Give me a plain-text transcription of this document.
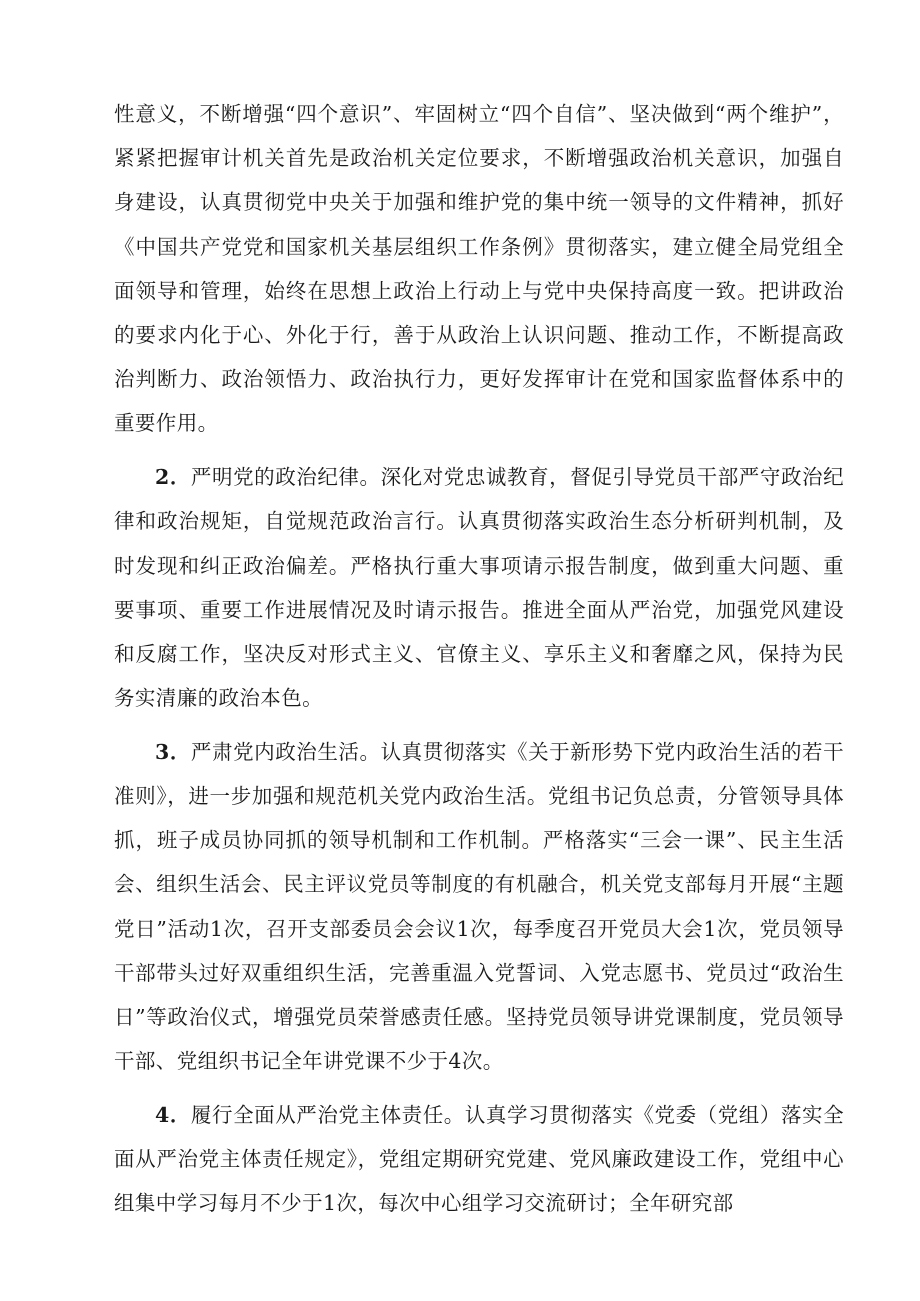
性意义，不断增强“四个意识”、牢固树立“四个自信”、坚决做到“两个维护”，紧紧把握审计机关首先是政治机关定位要求，不断增强政治机关意识，加强自身建设，认真贯彻党中央关于加强和维护党的集中统一领导的文件精神，抓好《中国共产党党和国家机关基层组织工作条例》贯彻落实，建立健全局党组全面领导和管理，始终在思想上政治上行动上与党中央保持高度一致。把讲政治的要求内化于心、外化于行，善于从政治上认识问题、推动工作，不断提高政治判断力、政治领悟力、政治执行力，更好发挥审计在党和国家监督体系中的重要作用。

2．严明党的政治纪律。深化对党忠诚教育，督促引导党员干部严守政治纪律和政治规矩，自觉规范政治言行。认真贯彻落实政治生态分析研判机制，及时发现和纠正政治偏差。严格执行重大事项请示报告制度，做到重大问题、重要事项、重要工作进展情况及时请示报告。推进全面从严治党，加强党风建设和反腐工作，坚决反对形式主义、官僚主义、享乐主义和奢靡之风，保持为民务实清廉的政治本色。

3．严肃党内政治生活。认真贯彻落实《关于新形势下党内政治生活的若干准则》，进一步加强和规范机关党内政治生活。党组书记负总责，分管领导具体抓，班子成员协同抓的领导机制和工作机制。严格落实“三会一课”、民主生活会、组织生活会、民主评议党员等制度的有机融合，机关党支部每月开展“主题党日”活动1次，召开支部委员会会议1次，每季度召开党员大会1次，党员领导干部带头过好双重组织生活，完善重温入党誓词、入党志愿书、党员过“政治生日”等政治仪式，增强党员荣誉感责任感。坚持党员领导讲党课制度，党员领导干部、党组织书记全年讲党课不少于4次。

4．履行全面从严治党主体责任。认真学习贯彻落实《党委（党组）落实全面从严治党主体责任规定》，党组定期研究党建、党风廉政建设工作，党组中心组集中学习每月不少于1次，每次中心组学习交流研讨；全年研究部
